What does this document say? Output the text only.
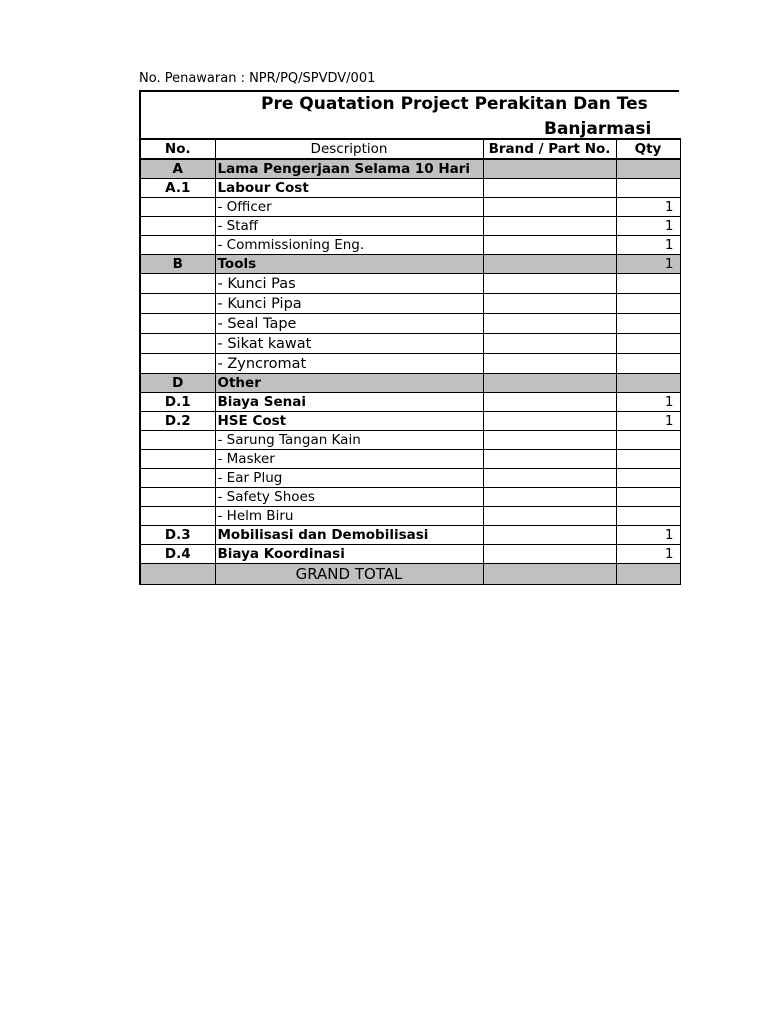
No. Penawaran : NPR/PQ/SPVDV/001
Pre Quatation Project Perakitan Dan Tes
Banjarmasi
No.	Description	Brand / Part No.	Qty
A	Lama Pengerjaan Selama 10 Hari		
A.1	Labour Cost		
	- Officer		1
	- Staff		1
	- Commissioning Eng.		1
B	Tools		1
	- Kunci Pas		
	- Kunci Pipa		
	- Seal Tape		
	- Sikat kawat		
	- Zyncromat		
D	Other		
D.1	Biaya Senai		1
D.2	HSE Cost		1
	- Sarung Tangan Kain		
	- Masker		
	- Ear Plug		
	- Safety Shoes		
	- Helm Biru		
D.3	Mobilisasi dan Demobilisasi		1
D.4	Biaya Koordinasi		1
	GRAND TOTAL		
